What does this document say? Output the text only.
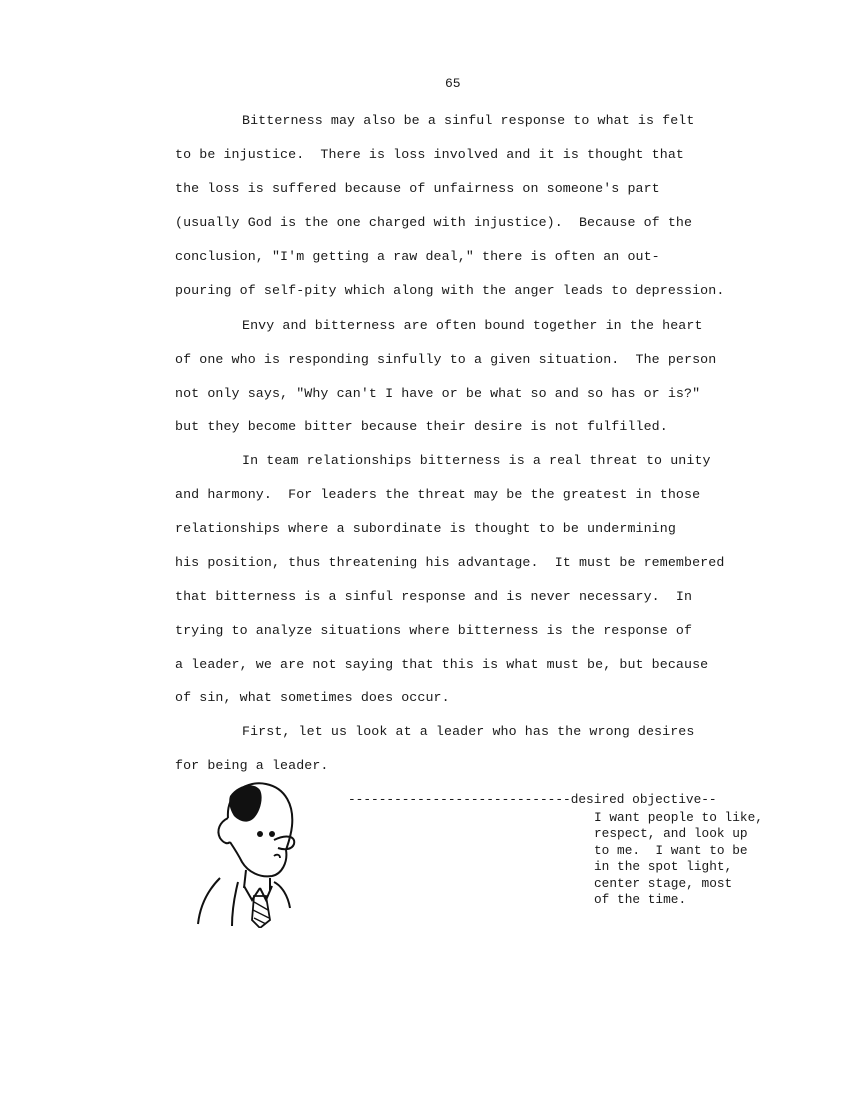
65
Bitterness may also be a sinful response to what is felt
to be injustice.  There is loss involved and it is thought that
the loss is suffered because of unfairness on someone's part
(usually God is the one charged with injustice).  Because of the
conclusion, "I'm getting a raw deal," there is often an out-
pouring of self-pity which along with the anger leads to depression.
Envy and bitterness are often bound together in the heart
of one who is responding sinfully to a given situation.  The person
not only says, "Why can't I have or be what so and so has or is?"
but they become bitter because their desire is not fulfilled.
In team relationships bitterness is a real threat to unity
and harmony.  For leaders the threat may be the greatest in those
relationships where a subordinate is thought to be undermining
his position, thus threatening his advantage.  It must be remembered
that bitterness is a sinful response and is never necessary.  In
trying to analyze situations where bitterness is the response of
a leader, we are not saying that this is what must be, but because
of sin, what sometimes does occur.
First, let us look at a leader who has the wrong desires
for being a leader.
-----------------------------desired objective--
I want people to like,
respect, and look up
to me.  I want to be
in the spot light,
center stage, most
of the time.
